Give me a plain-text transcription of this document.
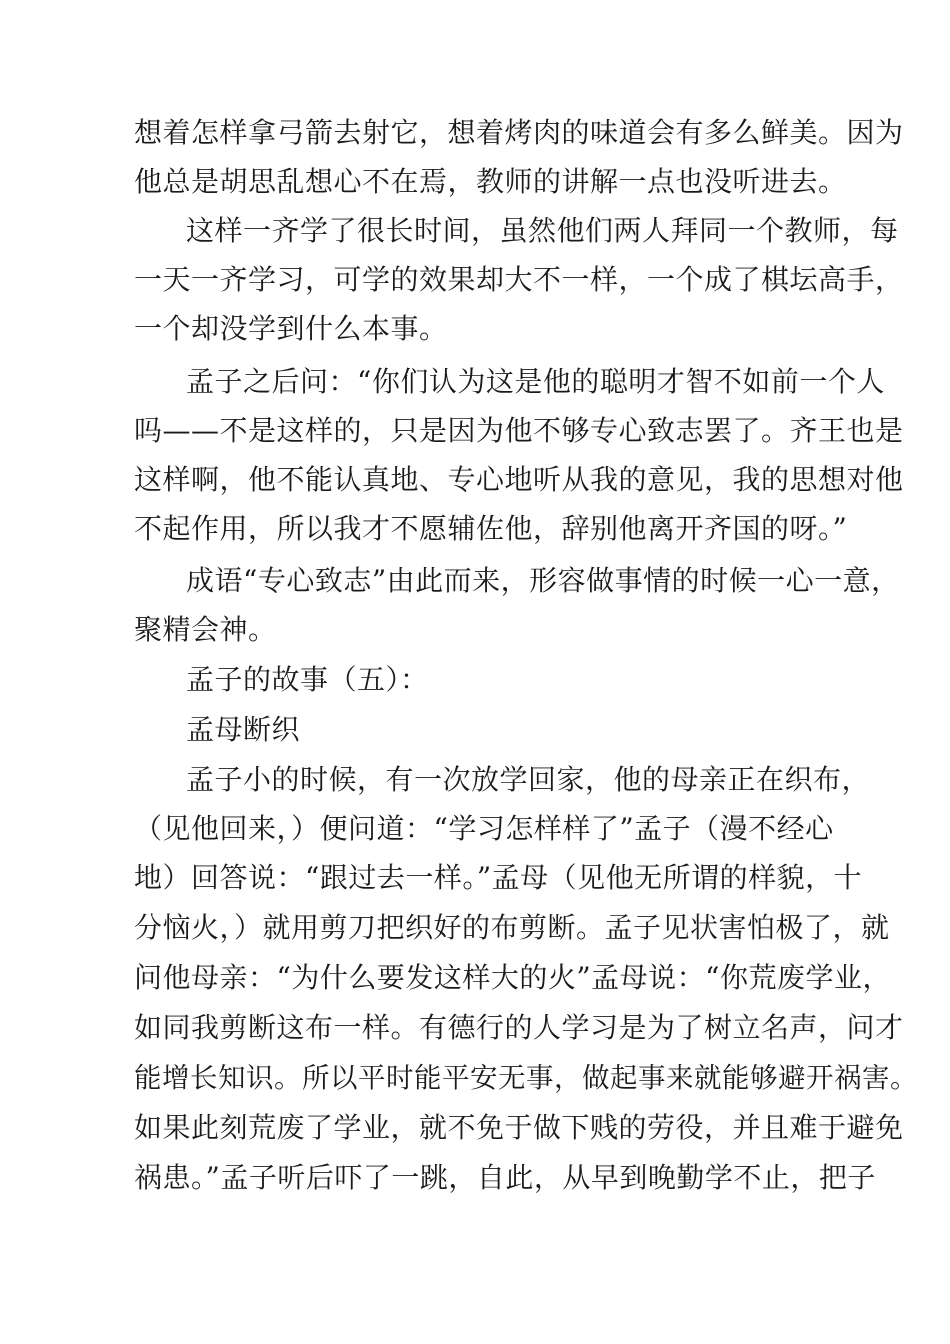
想着怎样拿弓箭去射它，想着烤肉的味道会有多么鲜美。因为

他总是胡思乱想心不在焉，教师的讲解一点也没听进去。

这样一齐学了很长时间，虽然他们两人拜同一个教师，每

一天一齐学习，可学的效果却大不一样，一个成了棋坛高手，

一个却没学到什么本事。

孟子之后问：“你们认为这是他的聪明才智不如前一个人

吗——不是这样的，只是因为他不够专心致志罢了。齐王也是

这样啊，他不能认真地、专心地听从我的意见，我的思想对他

不起作用，所以我才不愿辅佐他，辞别他离开齐国的呀。”

成语“专心致志”由此而来，形容做事情的时候一心一意，

聚精会神。

孟子的故事（五）：

孟母断织

孟子小的时候，有一次放学回家，他的母亲正在织布，

（见他回来，）便问道：“学习怎样样了”孟子（漫不经心

地）回答说：“跟过去一样。”孟母（见他无所谓的样貌，十

分恼火，）就用剪刀把织好的布剪断。孟子见状害怕极了，就

问他母亲：“为什么要发这样大的火”孟母说：“你荒废学业，

如同我剪断这布一样。有德行的人学习是为了树立名声，问才

能增长知识。所以平时能平安无事，做起事来就能够避开祸害。

如果此刻荒废了学业，就不免于做下贱的劳役，并且难于避免

祸患。”孟子听后吓了一跳，自此，从早到晚勤学不止，把子
